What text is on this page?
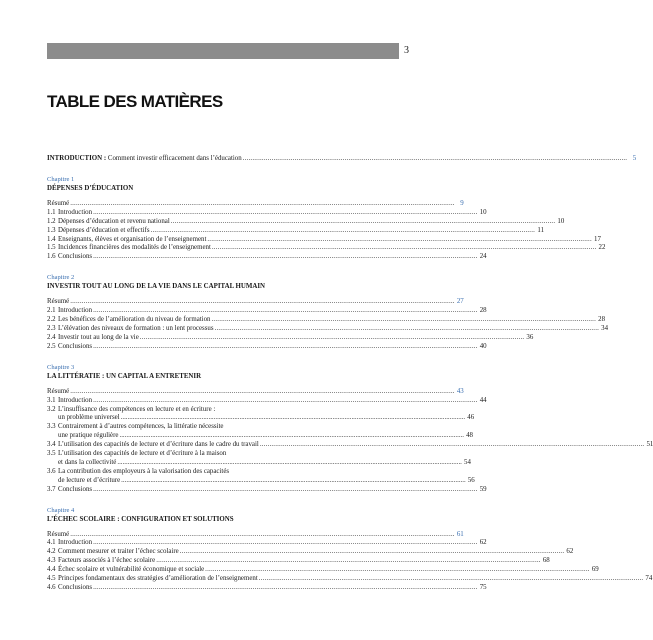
3
TABLE DES MATIÈRES
INTRODUCTION : Comment investir efficacement dans l’éducation .....	5
Chapitre 1
DÉPENSES D’ÉDUCATION
Résumé .....	9
1.1 Introduction .....	10
1.2 Dépenses d’éducation et revenu national .....	10
1.3 Dépenses d’éducation et effectifs .....	11
1.4 Enseignants, élèves et organisation de l’enseignement .....	17
1.5 Incidences financières des modalités de l’enseignement .....	22
1.6 Conclusions .....	24
Chapitre 2
INVESTIR TOUT AU LONG DE LA VIE DANS LE CAPITAL HUMAIN
Résumé .....	27
2.1 Introduction .....	28
2.2 Les bénéfices de l’amélioration du niveau de formation .....	28
2.3 L’élévation des niveaux de formation : un lent processus .....	34
2.4 Investir tout au long de la vie .....	36
2.5 Conclusions .....	40
Chapitre 3
LA LITTÉRATIE : UN CAPITAL A ENTRETENIR
Résumé .....	43
3.1 Introduction .....	44
3.2 L’insuffisance des compétences en lecture et en écriture :
un problème universel .....	46
3.3 Contrairement à d’autres compétences, la littératie nécessite
une pratique régulière .....	48
3.4 L’utilisation des capacités de lecture et d’écriture dans le cadre du travail .....	51
3.5 L’utilisation des capacités de lecture et d’écriture à la maison
et dans la collectivité .....	54
3.6 La contribution des employeurs à la valorisation des capacités
de lecture et d’écriture .....	56
3.7 Conclusions .....	59
Chapitre 4
L’ÉCHEC SCOLAIRE : CONFIGURATION ET SOLUTIONS
Résumé .....	61
4.1 Introduction .....	62
4.2 Comment mesurer et traiter l’échec scolaire .....	62
4.3 Facteurs associés à l’échec scolaire .....	68
4.4 Échec scolaire et vulnérabilité économique et sociale .....	69
4.5 Principes fondamentaux des stratégies d’amélioration de l’enseignement .....	74
4.6 Conclusions .....	75
